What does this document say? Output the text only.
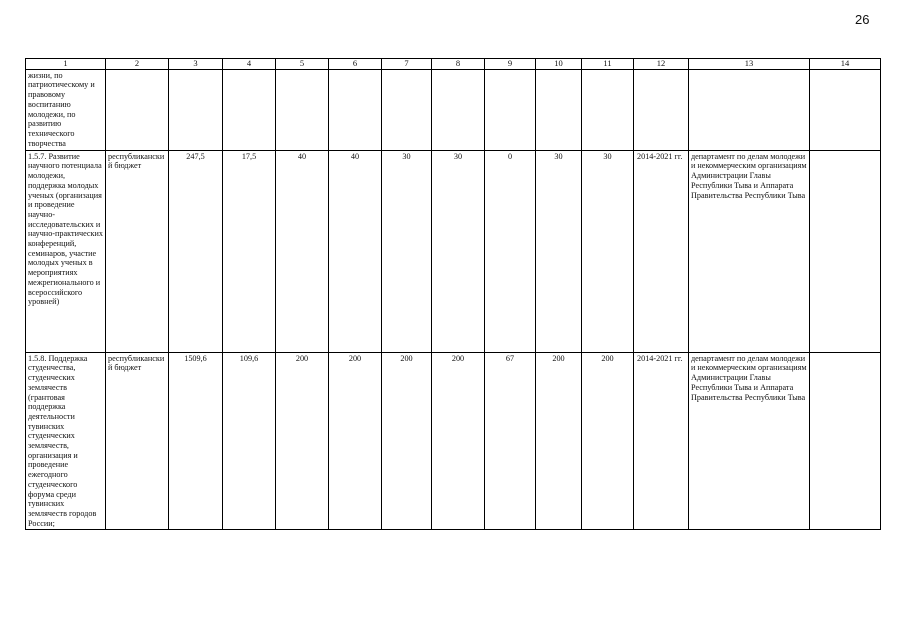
26
1	2	3	4	5	6	7	8	9	10	11	12	13	14
жизни, по патриотическому и правовому воспитанию молодежи, по развитию технического творчества													
1.5.7. Развитие научного потенциала молодежи, поддержка молодых ученых (организация и проведение научно-исследовательских и научно-практических конференций, семинаров, участие молодых ученых в мероприятиях межрегионального и всероссийского уровней)	республиканский бюджет	247,5	17,5	40	40	30	30	0	30	30	2014-2021 гг.	департамент по делам молодежи и некоммерческим организациям Администрации Главы Республики Тыва и Аппарата Правительства Республики Тыва	
1.5.8. Поддержка студенчества, студенческих землячеств (грантовая поддержка деятельности тувинских студенческих землячеств, организация и проведение ежегодного студенческого форума среди тувинских землячеств городов России;	республиканский бюджет	1509,6	109,6	200	200	200	200	67	200	200	2014-2021 гг.	департамент по делам молодежи и некоммерческим организациям Администрации Главы Республики Тыва и Аппарата Правительства Республики Тыва	
